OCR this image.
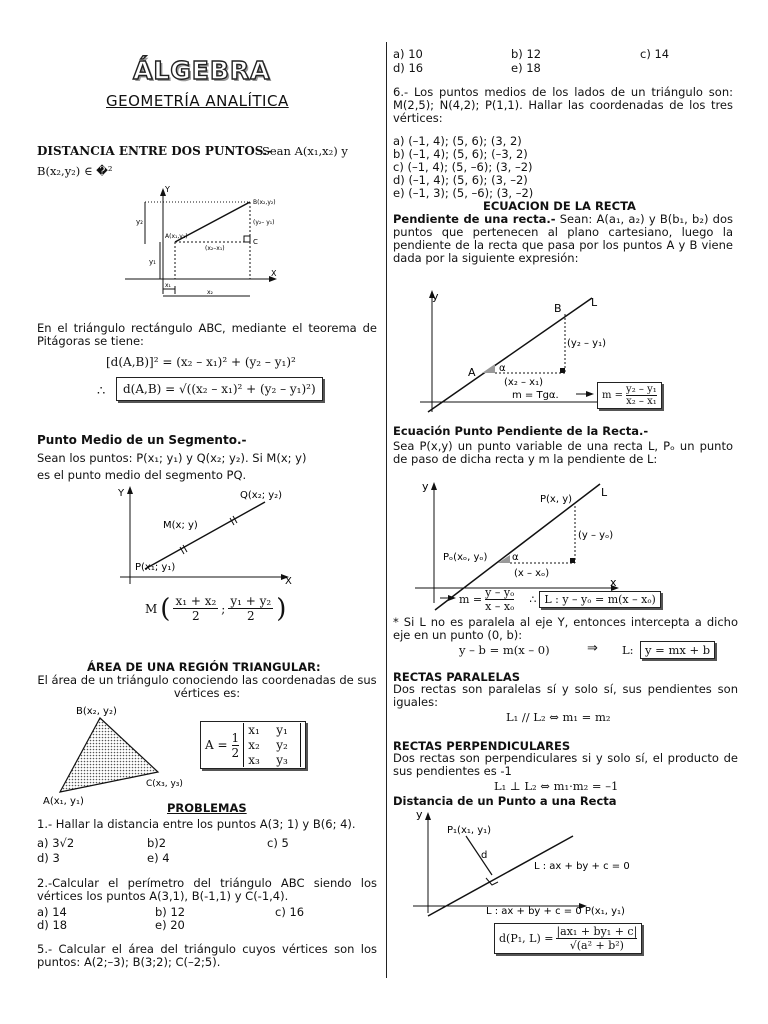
ÁLGEBRA
GEOMETRÍA ANALÍTICA
DISTANCIA ENTRE DOS PUNTOS.-
Sean A(x₁,x₂) y
B(x₂,y₂) ∈ �²
Y
X
B(x₂,y₂)
A(x₁,y₁)
C
(y₂– y₁)
(x₂–x₁)
y₂
y₁
x₁
x₂
En el triángulo rectángulo ABC, mediante el teorema de Pitágoras se tiene:
[d(A,B)]² = (x₂ – x₁)² + (y₂ – y₁)²
∴	d(A,B) = √((x₂ – x₁)² + (y₂ – y₁)²)
Punto Medio de un Segmento.-
Sean los puntos: P(x₁; y₁) y Q(x₂; y₂). Si M(x; y)
es el punto medio del segmento PQ.
Y
X
Q(x₂; y₂)
M(x; y)
P(x₁; y₁)
M ( x₁ + x₂
2
;
y₁ + y₂
2 )
ÁREA DE UNA REGIÓN TRIANGULAR:
El área de un triángulo conociendo las coordenadas de sus vértices es:
B(x₂, y₂)
C(x₃, y₃)
A(x₁, y₁)
$A = \frac{1}{2}$
x₁	y₁
x₂	y₂
x₃	y₃
PROBLEMAS
1.- Hallar la distancia entre los puntos A(3; 1) y B(6; 4).
a) 3√2	b)2	c) 5
d) 3	e) 4
2.-Calcular el perímetro del triángulo ABC siendo los vértices los puntos A(3,1), B(-1,1) y C(-1,4).
a) 14	b) 12	c) 16
d) 18	e) 20
5.- Calcular el área del triángulo cuyos vértices son los puntos: A(2;–3); B(3;2); C(–2;5).
a) 10	b) 12	c) 14
d) 16	e) 18
6.- Los puntos medios de los lados de un triángulo son: M(2,5); N(4,2); P(1,1). Hallar las coordenadas de los tres vértices:
a) (–1, 4); (5, 6); (3, 2)
b) (–1, 4); (5, 6); (–3, 2)
c) (–1, 4); (5, –6); (3, –2)
d) (–1, 4); (5, 6); (3, –2)
e) (–1, 3); (5, –6); (3, –2)
ECUACION DE LA RECTA
Pendiente de una recta.- Sean: A(a₁, a₂) y B(b₁, b₂) dos puntos que pertenecen al plano cartesiano, luego la pendiente de la recta que pasa por los puntos A y B viene dada por la siguiente expresión:
y	L
B
A α
(y₂ – y₁)
(x₂ – x₁)
m = Tgα.	$m = \frac{\text{y₂ – y₁}}{\text{x₂ – x₁}}$
Ecuación Punto Pendiente de la Recta.-
Sea P(x,y) un punto variable de una recta L, Pₒ un punto de paso de dicha recta y m la pendiente de L:
y
x
L
P(x, y)
Pₒ(xₒ, yₒ) α
(y – yₒ)
(x – xₒ)
$m = \frac{\text{y – yₒ}}{\text{x – xₒ}}$ ∴ L : y – yₒ = m(x – xₒ)
* Si L no es paralela al eje Y, entonces intercepta a dicho eje en un punto (0, b):
y – b = m(x – 0)	⇒ L: y = mx + b
RECTAS PARALELAS
Dos rectas son paralelas sí y solo sí, sus pendientes son iguales:
L₁ // L₂ ⇔ m₁ = m₂
RECTAS PERPENDICULARES
Dos rectas son perpendiculares si y solo sí, el producto de sus pendientes es -1
L₁ ⊥ L₂ ⇔ m₁·m₂ = –1
Distancia de un Punto a una Recta
y
P₁(x₁, y₁)
d
L : ax + by + c = 0
L : ax + by + c = 0 P(x₁, y₁)
d(P₁, $L) = \frac{\text{|ax₁ + by₁ + c|}}{\text{√(a² + b²)}}$
